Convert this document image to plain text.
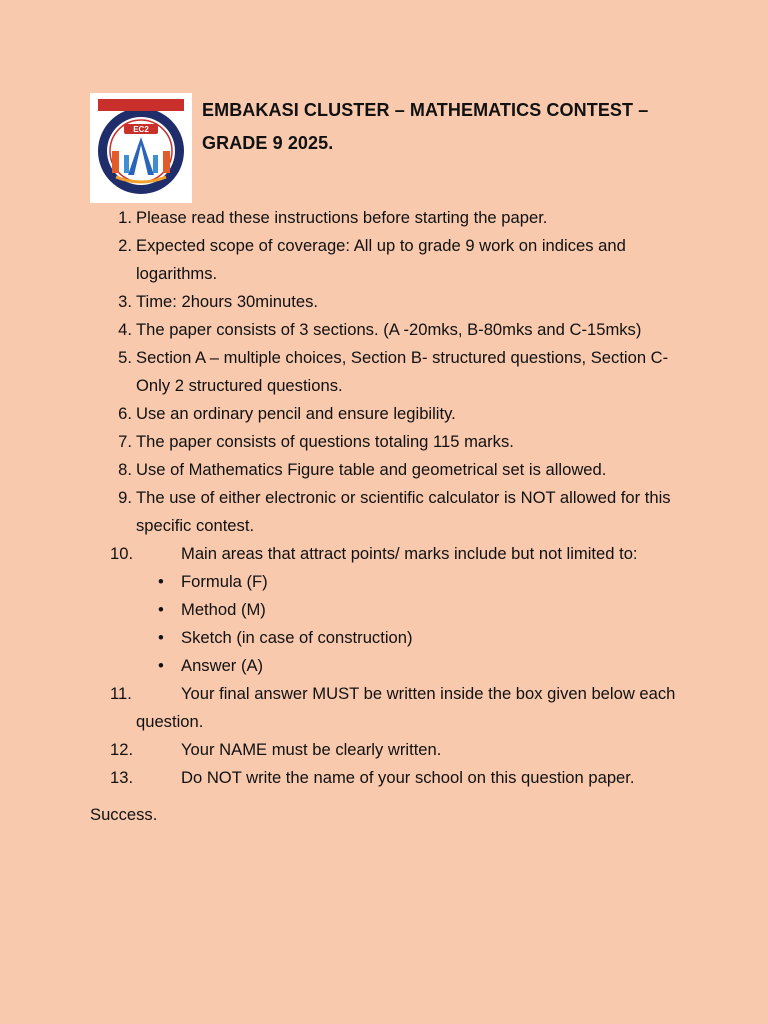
EC2
EMBAKASI CLUSTER – MATHEMATICS CONTEST –
GRADE 9 2025.
1. Please read these instructions before starting the paper.
2. Expected scope of coverage: All up to grade 9 work on indices and logarithms.
3. Time: 2hours 30minutes.
4. The paper consists of 3 sections. (A -20mks, B-80mks and C-15mks)
5. Section A – multiple choices, Section B- structured questions, Section C- Only 2 structured questions.
6. Use an ordinary pencil and ensure legibility.
7. The paper consists of questions totaling 115 marks.
8. Use of Mathematics Figure table and geometrical set is allowed.
9. The use of either electronic or scientific calculator is NOT allowed for this specific contest.
10.	Main areas that attract points/ marks include but not limited to:
•	Formula (F)
•	Method (M)
•	Sketch (in case of construction)
•	Answer (A)
11.	Your final answer MUST be written inside the box given below each question.
12.	Your NAME must be clearly written.
13.	Do NOT write the name of your school on this question paper.
Success.
